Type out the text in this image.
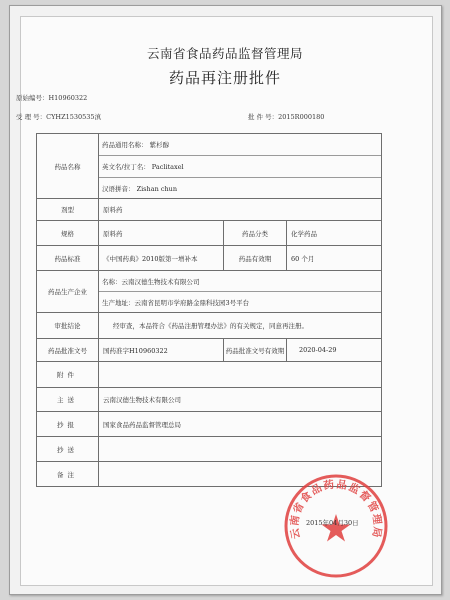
云南省食品药品监督管理局
药品再注册批件
原始编号：H10960322
受 理 号：CYHZ1530535滇	批 件 号：2015R000180
药品名称	
药品通用名称： 紫杉醇
英文名/拉丁名： Paclitaxel
汉语拼音： Zishan chun

剂型	原料药
规格	原料药	药品分类	化学药品
药品标准	《中国药典》2010版第一增补本	药品有效期	60 个月
药品生产企业	
名称：云南汉德生物技术有限公司
生产地址：云南省昆明市学府路金鼎科技园3号平台

审批结论	经审查，本品符合《药品注册管理办法》的有关规定，同意再注册。
药品批准文号	国药准字H10960322	药品批准文号有效期	2020-04-29
附件	
主送	云南汉德生物技术有限公司
抄报	国家食品药品监督管理总局
抄送	
备注	
云南省食品药品监督管理局
2015年04月30日
